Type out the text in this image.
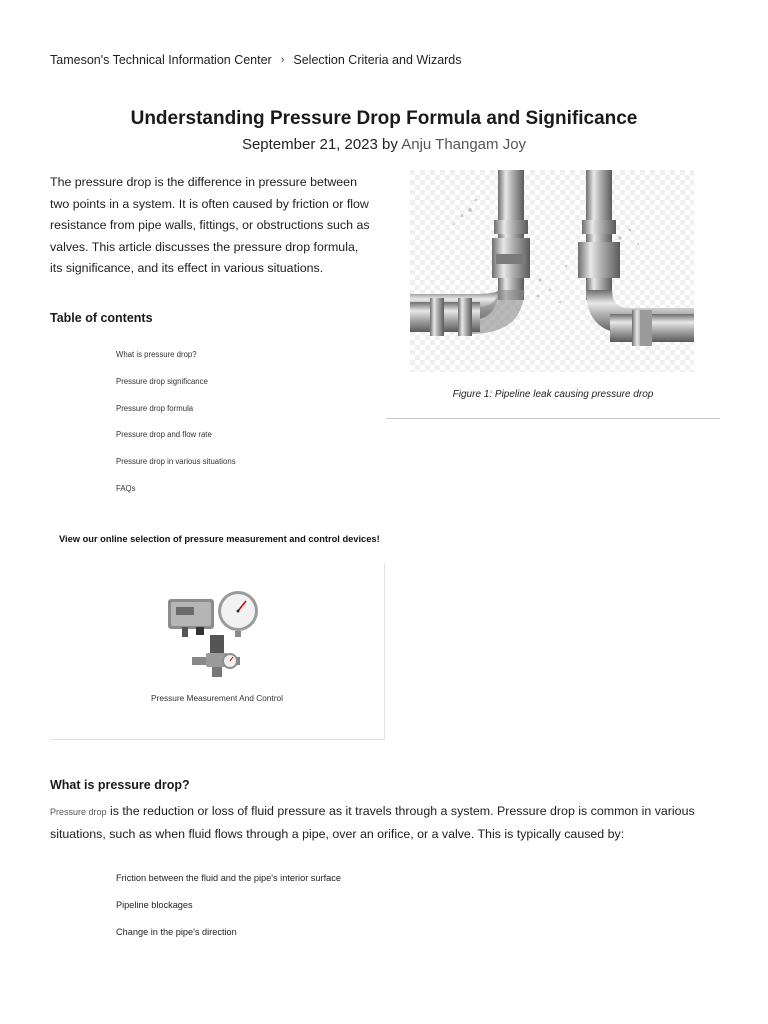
Tameson's Technical Information Center › Selection Criteria and Wizards
Understanding Pressure Drop Formula and Significance
September 21, 2023 by Anju Thangam Joy

The pressure drop is the difference in pressure between two points in a system. It is often caused by friction or flow resistance from pipe walls, fittings, or obstructions such as valves. This article discusses the pressure drop formula, its significance, and its effect in various situations.

Figure 1: Pipeline leak causing pressure drop
Table of contents
What is pressure drop?
Pressure drop significance
Pressure drop formula
Pressure drop and flow rate
Pressure drop in various situations
FAQs
View our online selection of pressure measurement and control devices!
Pressure Measurement And Control
What is pressure drop?

Pressure drop is the reduction or loss of fluid pressure as it travels through a system. Pressure drop is common in various situations, such as when fluid flows through a pipe, over an orifice, or a valve. This is typically caused by:

Friction between the fluid and the pipe's interior surface
Pipeline blockages
Change in the pipe's direction
